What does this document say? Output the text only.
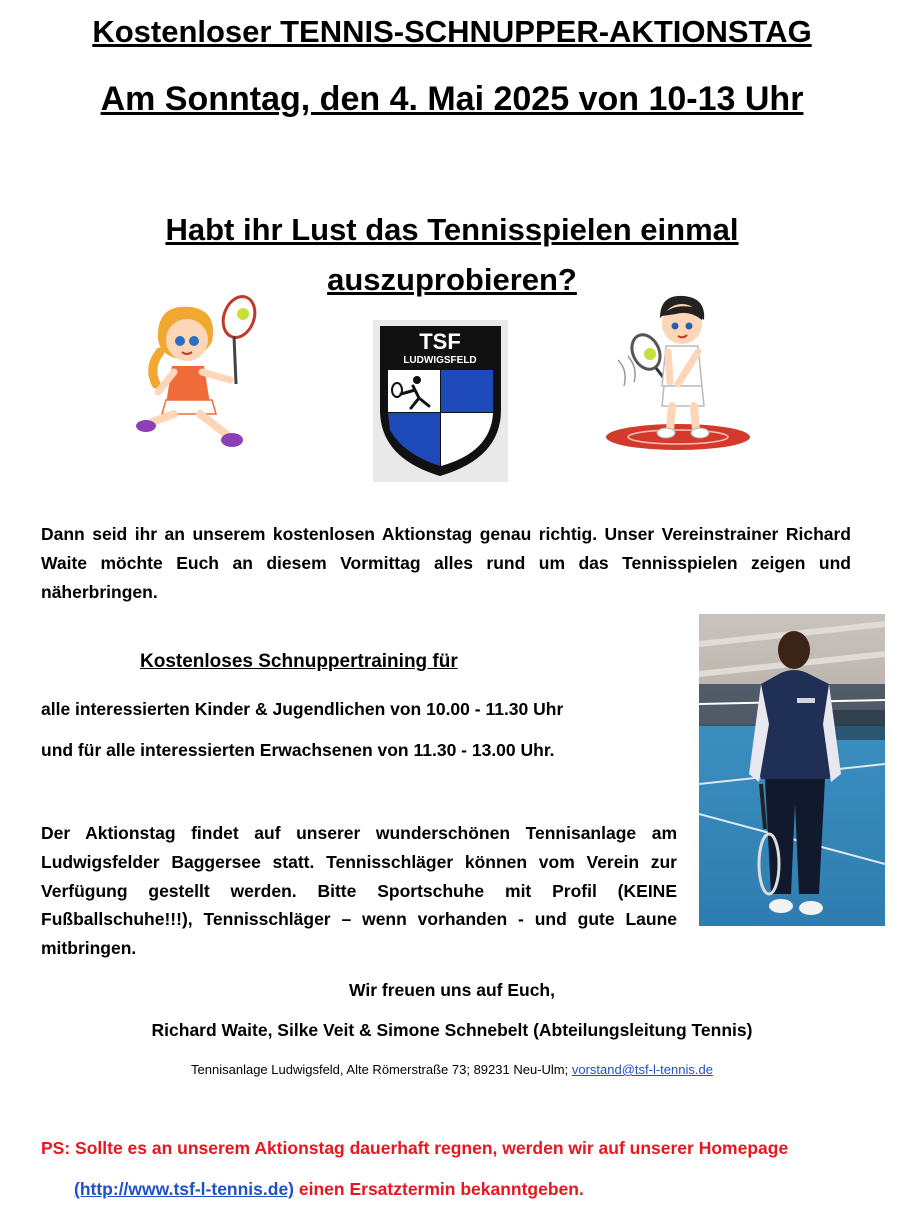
Kostenloser TENNIS-SCHNUPPER-AKTIONSTAG
Am Sonntag, den 4. Mai 2025 von 10-13 Uhr
Habt ihr Lust das Tennisspielen einmal
auszuprobieren?
TSF
LUDWIGSFELD
Dann seid ihr an unserem kostenlosen Aktionstag genau richtig. Unser Vereinstrainer Richard Waite möchte Euch an diesem Vormittag alles rund um das Tennisspielen zeigen und näherbringen.
Kostenloses Schnuppertraining für
alle interessierten Kinder & Jugendlichen von 10.00 - 11.30 Uhr
und für alle interessierten Erwachsenen von 11.30 - 13.00 Uhr.
Der Aktionstag findet auf unserer wunderschönen Tennisanlage am Ludwigsfelder Baggersee statt. Tennisschläger können vom Verein zur Verfügung gestellt werden. Bitte Sportschuhe mit Profil (KEINE Fußballschuhe!!!), Tennisschläger – wenn vorhanden - und gute Laune mitbringen.
Wir freuen uns auf Euch,
Richard Waite, Silke Veit & Simone Schnebelt (Abteilungsleitung Tennis)
Tennisanlage Ludwigsfeld, Alte Römerstraße 73; 89231 Neu-Ulm; vorstand@tsf-l-tennis.de
PS: Sollte es an unserem Aktionstag dauerhaft regnen, werden wir auf unserer Homepage
(http://www.tsf-l-tennis.de) einen Ersatztermin bekanntgeben.
